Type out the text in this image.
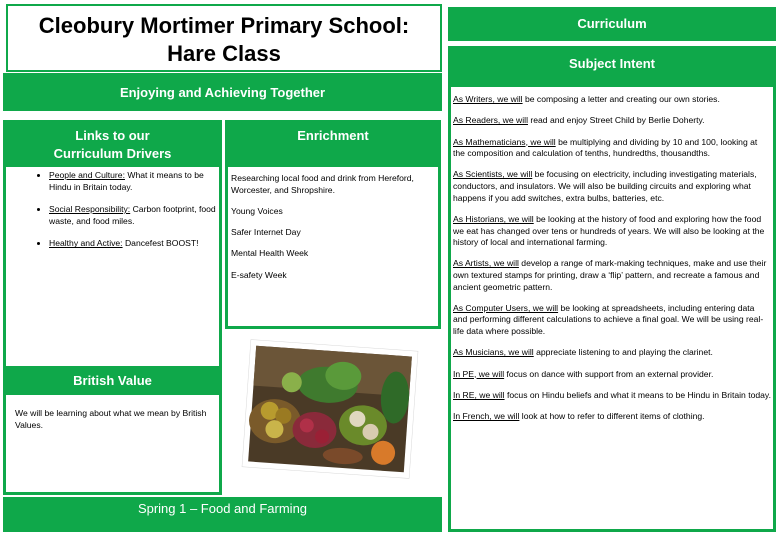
Cleobury Mortimer Primary School:
Hare Class
Enjoying and Achieving Together
Links to our
Curriculum Drivers
• People and Culture: What it means to be Hindu in Britain today.
• Social Responsibility: Carbon footprint, food waste, and food miles.
• Healthy and Active: Dancefest BOOST!
British Value
We will be learning about what we mean by British Values.
Enrichment

Researching local food and drink from Hereford, Worcester, and Shropshire.

Young Voices

Safer Internet Day

Mental Health Week

E-safety Week

Spring 1 – Food and Farming
Curriculum
Subject Intent

As Writers, we will be composing a letter and creating our own stories.

As Readers, we will read and enjoy Street Child by Berlie Doherty.

As Mathematicians, we will be multiplying and dividing by 10 and 100, looking at the composition and calculation of tenths, hundredths, thousandths.

As Scientists, we will be focusing on electricity, including investigating materials, conductors, and insulators. We will also be building circuits and exploring what happens if you add switches, extra bulbs, batteries, etc.

As Historians, we will be looking at the history of food and exploring how the food we eat has changed over tens or hundreds of years. We will also be looking at the history of local and international farming.

As Artists, we will develop a range of mark-making techniques, make and use their own textured stamps for printing, draw a ‘flip’ pattern, and recreate a famous and ancient geometric pattern.

As Computer Users, we will be looking at spreadsheets, including entering data and performing different calculations to achieve a final goal. We will be using real-life data where possible.

As Musicians, we will appreciate listening to and playing the clarinet.

In PE, we will focus on dance with support from an external provider.

In RE, we will focus on Hindu beliefs and what it means to be Hindu in Britain today.

In French, we will look at how to refer to different items of clothing.
